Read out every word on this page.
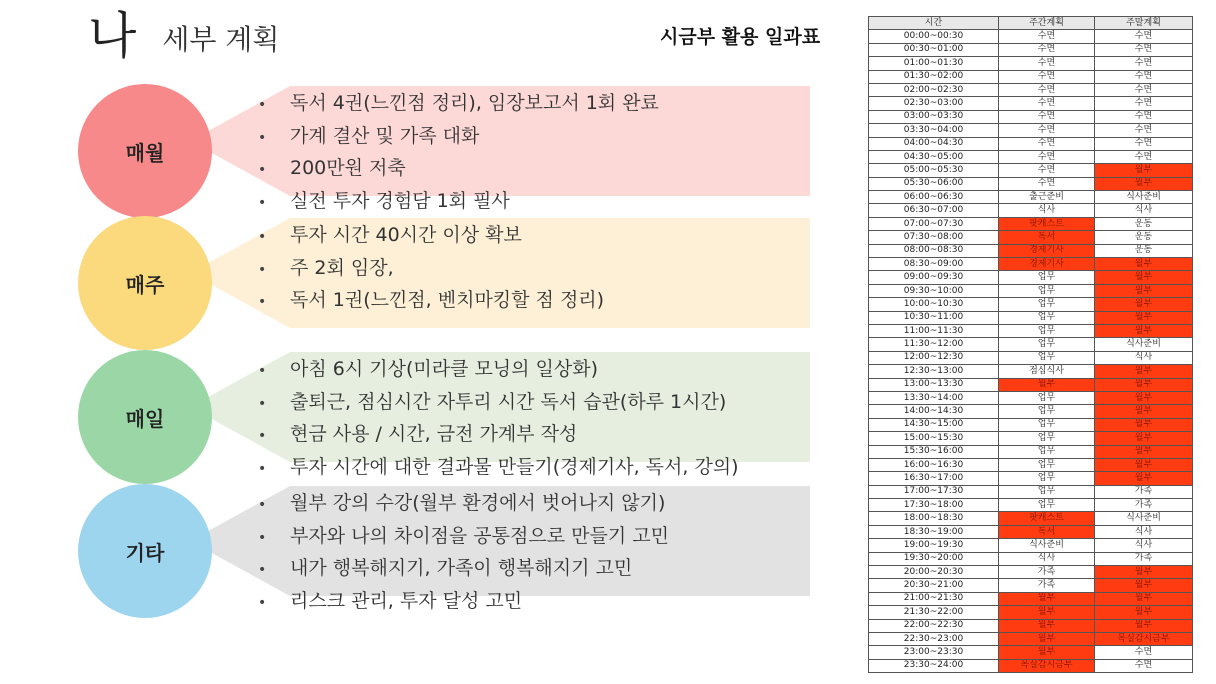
나 세부 계획	시금부 활용 일과표
매월
• 독서 4권(느낀점 정리), 임장보고서 1회 완료
• 가계 결산 및 가족 대화
• 200만원 저축
• 실전 투자 경험담 1회 필사
매주
• 투자 시간 40시간 이상 확보
• 주 2회 임장,
• 독서 1권(느낀점, 벤치마킹할 점 정리)
매일
• 아침 6시 기상(미라클 모닝의 일상화)
• 출퇴근, 점심시간 자투리 시간 독서 습관(하루 1시간)
• 현금 사용 / 시간, 금전 가계부 작성
• 투자 시간에 대한 결과물 만들기(경제기사, 독서, 강의)
기타
• 월부 강의 수강(월부 환경에서 벗어나지 않기)
• 부자와 나의 차이점을 공통점으로 만들기 고민
• 내가 행복해지기, 가족이 행복해지기 고민
• 리스크 관리, 투자 달성 고민
시간	주간계획	주말계획
00:00~00:30	수면	수면
00:30~01:00	수면	수면
01:00~01:30	수면	수면
01:30~02:00	수면	수면
02:00~02:30	수면	수면
02:30~03:00	수면	수면
03:00~03:30	수면	수면
03:30~04:00	수면	수면
04:00~04:30	수면	수면
04:30~05:00	수면	수면
05:00~05:30	수면	월부
05:30~06:00	수면	월부
06:00~06:30	출근준비	식사준비
06:30~07:00	식사	식사
07:00~07:30	팟캐스트	운동
07:30~08:00	독서	운동
08:00~08:30	경제기사	운동
08:30~09:00	경제기사	월부
09:00~09:30	업무	월부
09:30~10:00	업무	월부
10:00~10:30	업무	월부
10:30~11:00	업무	월부
11:00~11:30	업무	월부
11:30~12:00	업무	식사준비
12:00~12:30	업무	식사
12:30~13:00	점심식사	월부
13:00~13:30	월부	월부
13:30~14:00	업무	월부
14:00~14:30	업무	월부
14:30~15:00	업무	월부
15:00~15:30	업무	월부
15:30~16:00	업무	월부
16:00~16:30	업무	월부
16:30~17:00	업무	월부
17:00~17:30	업무	가족
17:30~18:00	업무	가족
18:00~18:30	팟캐스트	식사준비
18:30~19:00	독서	식사
19:00~19:30	식사준비	식사
19:30~20:00	식사	가족
20:00~20:30	가족	월부
20:30~21:00	가족	월부
21:00~21:30	월부	월부
21:30~22:00	월부	월부
22:00~22:30	월부	월부
22:30~23:00	월부	목실감시금부
23:00~23:30	월부	수면
23:30~24:00	목실감시금부	수면
